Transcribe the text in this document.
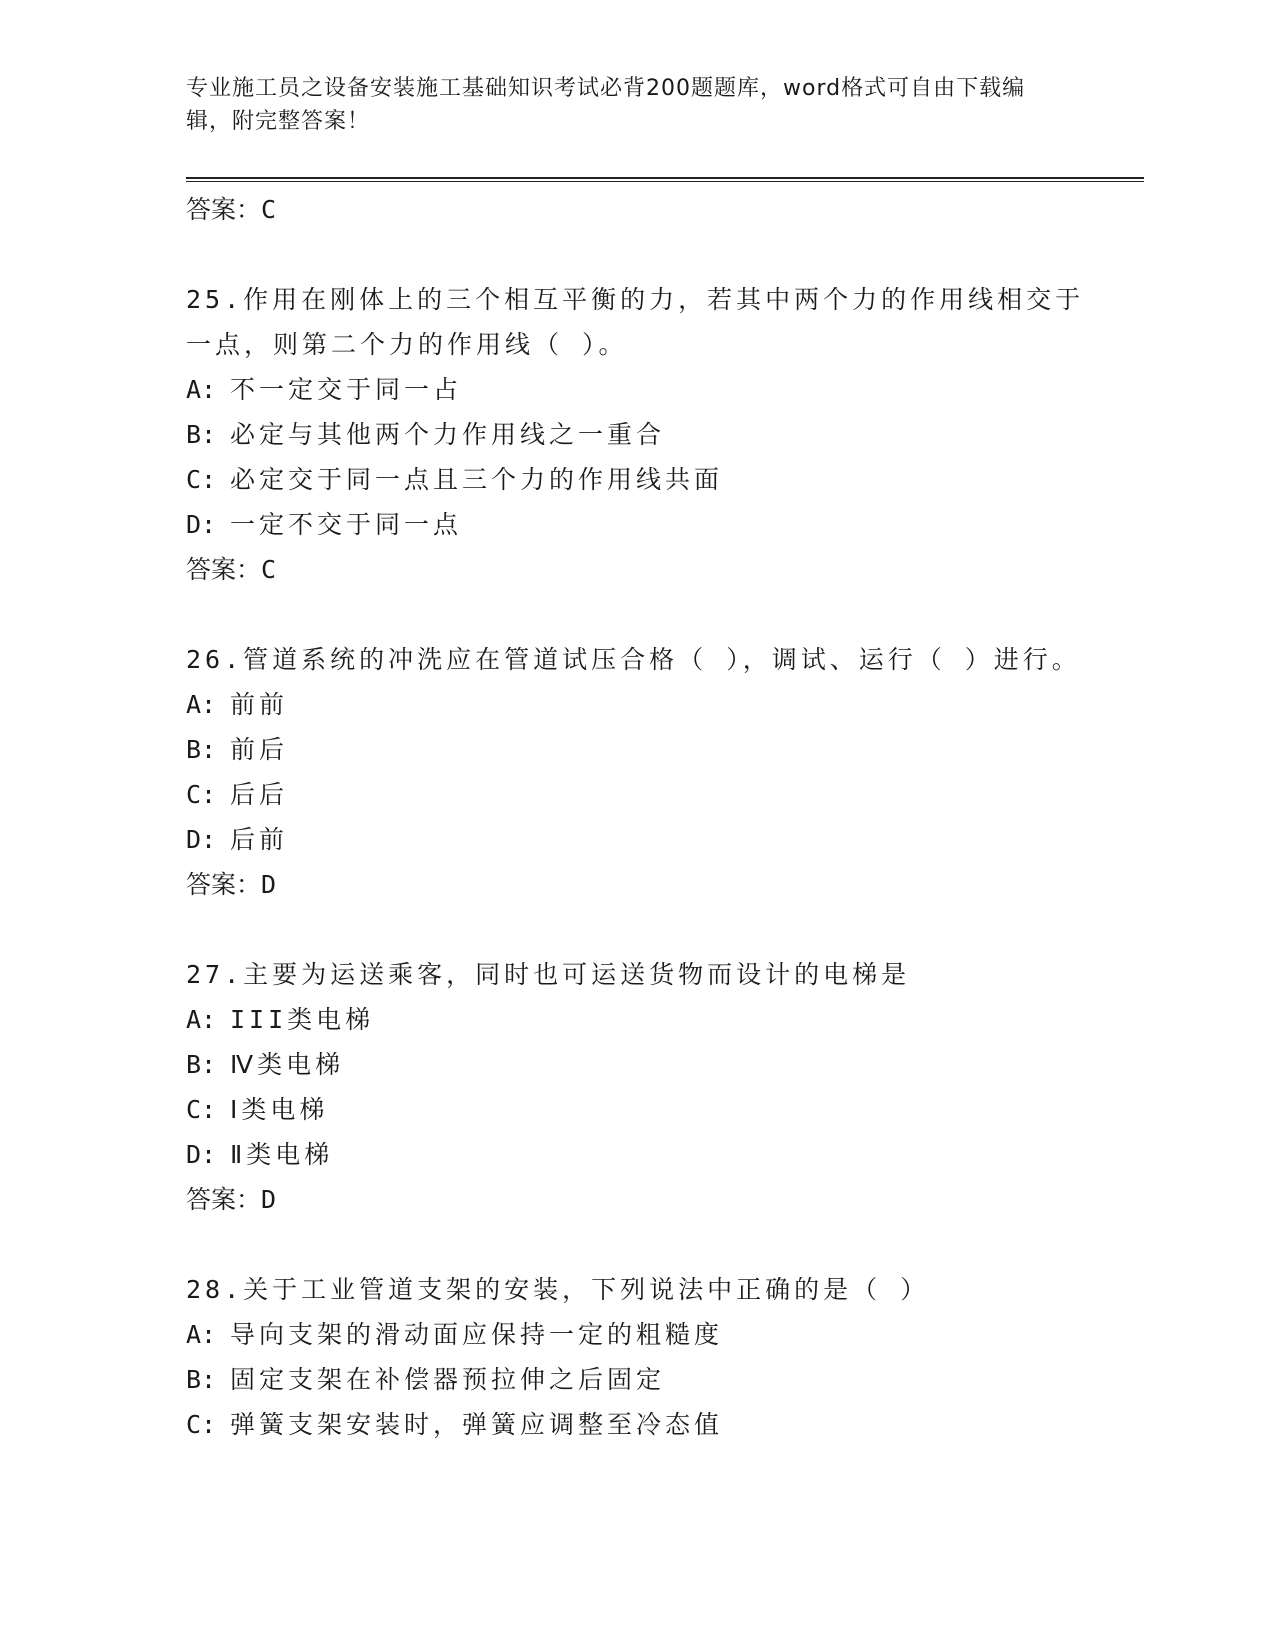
专业施工员之设备安装施工基础知识考试必背200题题库，word格式可自由下载编辑，附完整答案！
答案：C
25.作用在刚体上的三个相互平衡的力，若其中两个力的作用线相交于一点，则第二个力的作用线（ ）。
A: 不一定交于同一占
B: 必定与其他两个力作用线之一重合
C: 必定交于同一点且三个力的作用线共面
D: 一定不交于同一点
答案：C
26.管道系统的冲洗应在管道试压合格（ ），调试、运行（ ）进行。
A: 前前
B: 前后
C: 后后
D: 后前
答案：D
27.主要为运送乘客，同时也可运送货物而设计的电梯是
A: III类电梯
B: Ⅳ类电梯
C: Ⅰ类电梯
D: Ⅱ类电梯
答案：D
28.关于工业管道支架的安装，下列说法中正确的是（ ）
A: 导向支架的滑动面应保持一定的粗糙度
B: 固定支架在补偿器预拉伸之后固定
C: 弹簧支架安装时，弹簧应调整至冷态值
